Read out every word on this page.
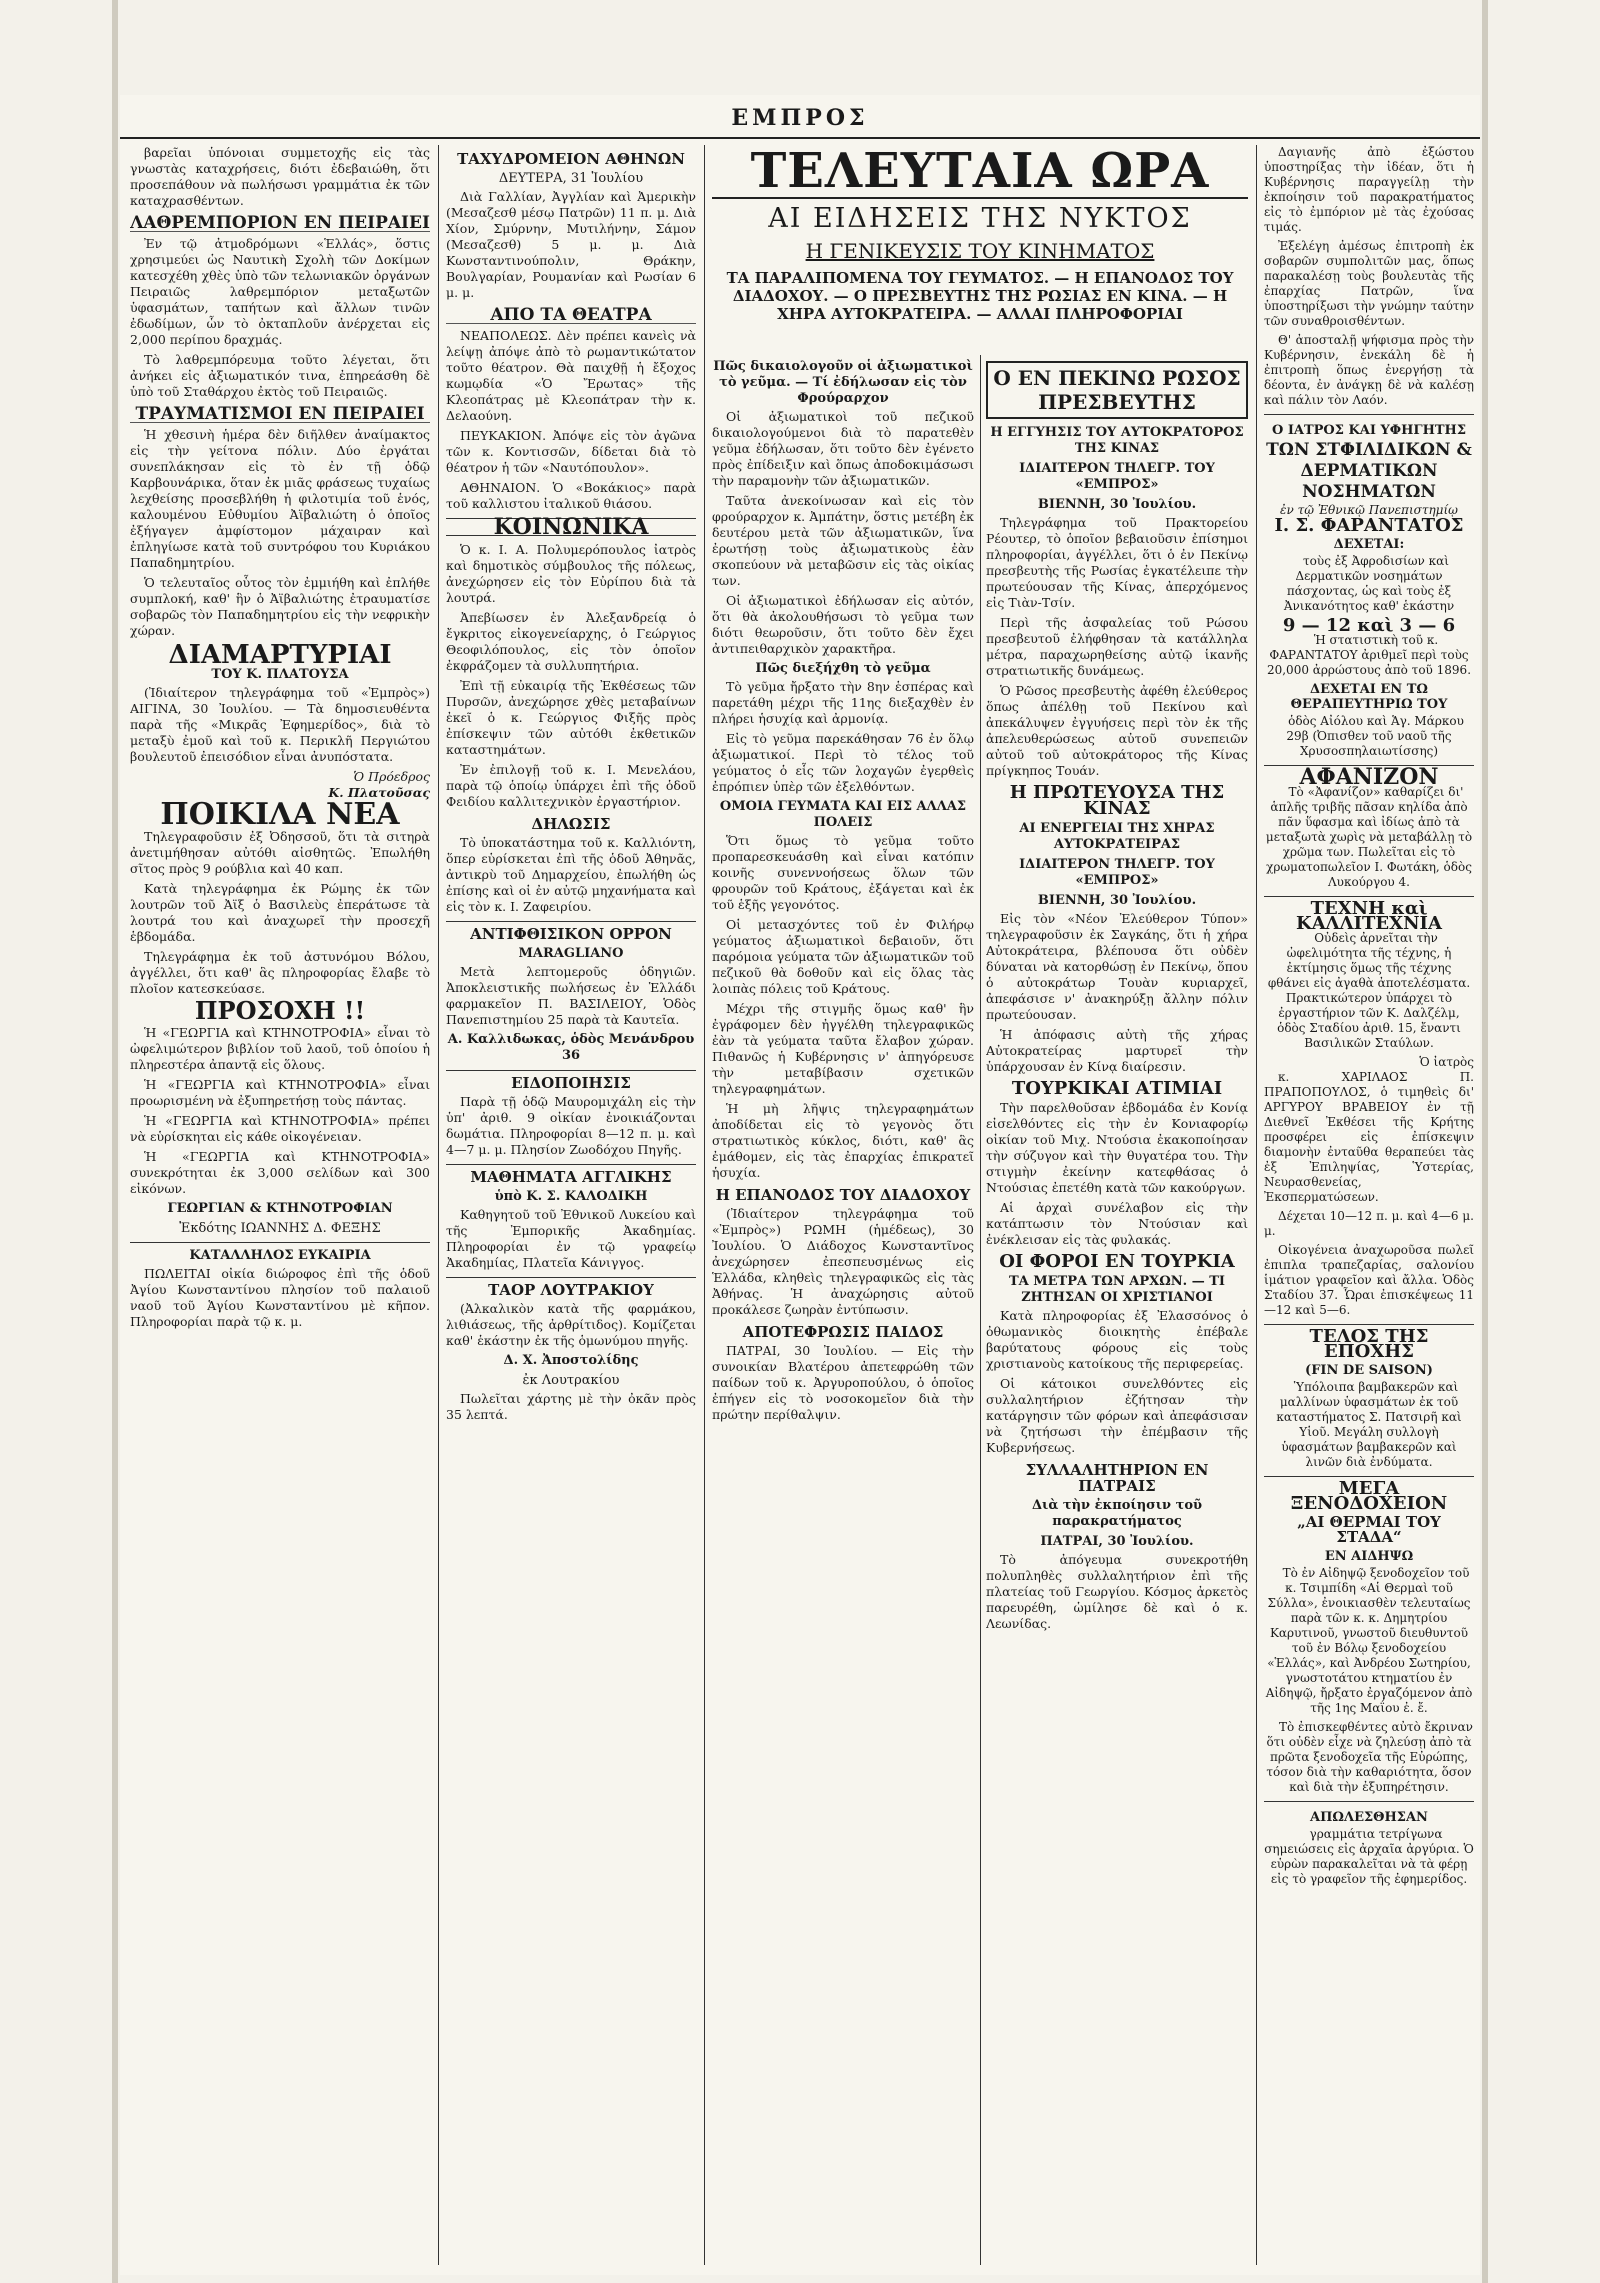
ΕΜΠΡΟΣ

βαρεῖαι ὑπόνοιαι συμμετοχῆς εἰς τὰς γνωστὰς καταχρήσεις, διότι ἐδεβαιώθη, ὅτι προσεπάθουν νὰ πωλήσωσι γραμμάτια ἐκ τῶν καταχρασθέντων.

ΛΑΘΡΕΜΠΟΡΙΟΝ ΕΝ ΠΕΙΡΑΙΕΙ

Ἐν τῷ ἀτμοδρόμωνι «Ἑλλάς», ὅστις χρησιμεύει ὡς Ναυτικὴ Σχολὴ τῶν Δοκίμων κατεσχέθη χθὲς ὑπὸ τῶν τελωνιακῶν ὀργάνων Πειραιῶς λαθρεμπόριον μεταξωτῶν ὑφασμάτων, ταπήτων καὶ ἄλλων τινῶν ἐδωδίμων, ὧν τὸ ὀκταπλοῦν ἀνέρχεται εἰς 2,000 περίπου δραχμάς.

Τὸ λαθρεμπόρευμα τοῦτο λέγεται, ὅτι ἀνήκει εἰς ἀξιωματικόν τινα, ἐπηρεάσθη δὲ ὑπὸ τοῦ Σταθάρχου ἐκτὸς τοῦ Πειραιῶς.

ΤΡΑΥΜΑΤΙΣΜΟΙ ΕΝ ΠΕΙΡΑΙΕΙ

Ἡ χθεσινὴ ἡμέρα δὲν διῆλθεν ἀναίμακτος εἰς τὴν γείτονα πόλιν. Δύο ἐργάται συνεπλάκησαν εἰς τὸ ἐν τῇ ὁδῷ Καρβουνάρικα, ὅταν ἐκ μιᾶς φράσεως τυχαίως λεχθείσης προσεβλήθη ἡ φιλοτιμία τοῦ ἑνός, καλουμένου Εὐθυμίου Ἀϊβαλιώτη ὁ ὁποῖος ἐξήγαγεν ἀμφίστομον μάχαιραν καὶ ἐπληγίωσε κατὰ τοῦ συντρόφου του Κυριάκου Παπαδημητρίου.

Ὁ τελευταῖος οὗτος τὸν ἐμμιήθη καὶ ἐπλήθε συμπλοκή, καθ' ἣν ὁ Ἀϊβαλιώτης ἐτραυματίσε σοβαρῶς τὸν Παπαδημητρίου εἰς τὴν νεφρικὴν χώραν.

ΔΙΑΜΑΡΤΥΡΙΑΙ
ΤΟΥ Κ. ΠΛΑΤΟΥΣΑ

(Ἰδιαίτερον τηλεγράφημα τοῦ «Ἐμπρὸς») ΑΙΓΙΝΑ, 30 Ἰουλίου. — Τὰ δημοσιευθέντα παρὰ τῆς «Μικρᾶς Ἐφημερίδος», διὰ τὸ μεταξὺ ἐμοῦ καὶ τοῦ κ. Περικλῆ Περγιώτου βουλευτοῦ ἐπεισόδιον εἶναι ἀνυπόστατα.

Ὁ Πρόεδρος
Κ. Πλατοῦσας
ΠΟΙΚΙΛΑ ΝΕΑ

Τηλεγραφοῦσιν ἐξ Ὀδησσοῦ, ὅτι τὰ σιτηρὰ ἀνετιμήθησαν αὐτόθι αἰσθητῶς. Ἐπωλήθη σῖτος πρὸς 9 ρούβλια καὶ 40 καπ.

Κατὰ τηλεγράφημα ἐκ Ρώμης ἐκ τῶν λουτρῶν τοῦ Ἀϊξ ὁ Βασιλεὺς ἐπεράτωσε τὰ λουτρά του καὶ ἀναχωρεῖ τὴν προσεχῆ ἑβδομάδα.

Τηλεγράφημα ἐκ τοῦ ἀστυνόμου Βόλου, ἀγγέλλει, ὅτι καθ' ἃς πληροφορίας ἔλαβε τὸ πλοῖον κατεσκεύασε.

ΠΡΟΣΟΧΗ !!

Ἡ «ΓΕΩΡΓΙΑ καὶ ΚΤΗΝΟΤΡΟΦΙΑ» εἶναι τὸ ὠφελιμώτερον βιβλίον τοῦ λαοῦ, τοῦ ὁποίου ἡ πληρεστέρα ἀπαντᾷ εἰς ὅλους.

Ἡ «ΓΕΩΡΓΙΑ καὶ ΚΤΗΝΟΤΡΟΦΙΑ» εἶναι προωρισμένη νὰ ἐξυπηρετήσῃ τοὺς πάντας.

Ἡ «ΓΕΩΡΓΙΑ καὶ ΚΤΗΝΟΤΡΟΦΙΑ» πρέπει νὰ εὑρίσκηται εἰς κάθε οἰκογένειαν.

Ἡ «ΓΕΩΡΓΙΑ καὶ ΚΤΗΝΟΤΡΟΦΙΑ» συνεκρότηται ἐκ 3,000 σελίδων καὶ 300 εἰκόνων.

ΓΕΩΡΓΙΑΝ & ΚΤΗΝΟΤΡΟΦΙΑΝ
Ἐκδότης ΙΩΑΝΝΗΣ Δ. ΦΕΞΗΣ
ΚΑΤΑΛΛΗΛΟΣ ΕΥΚΑΙΡΙΑ

ΠΩΛΕΙΤΑΙ οἰκία διώροφος ἐπὶ τῆς ὁδοῦ Ἀγίου Κωνσταντίνου πλησίον τοῦ παλαιοῦ ναοῦ τοῦ Ἁγίου Κωνσταντίνου μὲ κῆπον. Πληροφορίαι παρὰ τῷ κ. μ.

ΤΑΧΥΔΡΟΜΕΙΟΝ ΑΘΗΝΩΝ
ΔΕΥΤΕΡΑ, 31 Ἰουλίου

Διὰ Γαλλίαν, Ἀγγλίαν καὶ Ἀμερικὴν (Μεσαζεσθ μέσῳ Πατρῶν) 11 π. μ. Διὰ Χίον, Σμύρνην, Μυτιλήνην, Σάμον (Μεσαζεσθ) 5 μ. μ. Διὰ Κωνσταντινούπολιν, Θράκην, Βουλγαρίαν, Ρουμανίαν καὶ Ρωσίαν 6 μ. μ.

ΑΠΟ ΤΑ ΘΕΑΤΡΑ

ΝΕΑΠΟΛΕΩΣ. Δὲν πρέπει κανεὶς νὰ λείψῃ ἀπόψε ἀπὸ τὸ ρωμαντικώτατον τοῦτο θέατρον. Θὰ παιχθῇ ἡ ἔξοχος κωμῳδία «Ὁ Ἔρωτας» τῆς Κλεοπάτρας μὲ Κλεοπάτραν τὴν κ. Δελαούνη.

ΠΕΥΚΑΚΙΟΝ. Ἀπόψε εἰς τὸν ἀγῶνα τῶν κ. Κοντισσῶν, δίδεται διὰ τὸ θέατρον ἡ τῶν «Ναυτόπουλον».

ΑΘΗΝΑΙΟΝ. Ὁ «Βοκάκιος» παρὰ τοῦ καλλιστου ἰταλικοῦ θιάσου.

ΚΟΙΝΩΝΙΚΑ

Ὁ κ. Ι. Α. Πολυμερόπουλος ἰατρὸς καὶ δημοτικὸς σύμβουλος τῆς πόλεως, ἀνεχώρησεν εἰς τὸν Εὐρίπου διὰ τὰ λουτρά.

Ἀπεβίωσεν ἐν Ἀλεξανδρείᾳ ὁ ἔγκριτος εἰκογενείαρχης, ὁ Γεώργιος Θεοφιλόπουλος, εἰς τὸν ὁποῖον ἐκφράζομεν τὰ συλλυπητήρια.

Ἐπὶ τῇ εὐκαιρίᾳ τῆς Ἐκθέσεως τῶν Πυρσῶν, ἀνεχώρησε χθὲς μεταβαίνων ἐκεῖ ὁ κ. Γεώργιος Φιξῆς πρὸς ἐπίσκεψιν τῶν αὐτόθι ἐκθετικῶν καταστημάτων.

Ἐν ἐπιλογῇ τοῦ κ. Ι. Μενελάου, παρὰ τῷ ὁποίῳ ὑπάρχει ἐπὶ τῆς ὁδοῦ Φειδίου καλλιτεχνικὸν ἐργαστήριον.

ΔΗΛΩΣΙΣ

Τὸ ὑποκατάστημα τοῦ κ. Καλλιόντη, ὅπερ εὑρίσκεται ἐπὶ τῆς ὁδοῦ Ἀθηνᾶς, ἀντικρὺ τοῦ Δημαρχείου, ἐπωλήθη ὡς ἐπίσης καὶ οἱ ἐν αὐτῷ μηχανήματα καὶ εἰς τὸν κ. Ι. Ζαφειρίου.

ΑΝΤΙΦΘΙΣΙΚΟΝ ΟΡΡΟΝ
MARAGLIANO

Μετὰ λεπτομεροῦς ὁδηγιῶν. Ἀποκλειστικῆς πωλήσεως ἐν Ἑλλάδι φαρμακεῖον Π. ΒΑΣΙΛΕΙΟΥ, Ὁδὸς Πανεπιστημίου 25 παρὰ τὰ Καυτεῖα.

Α. Καλλιδωκας, ὁδὸς Μενάνδρου 36
ΕΙΔΟΠΟΙΗΣΙΣ

Παρὰ τῇ ὁδῷ Μαυρομιχάλη εἰς τὴν ὑπ' ἀριθ. 9 οἰκίαν ἐνοικιάζονται δωμάτια. Πληροφορίαι 8—12 π. μ. καὶ 4—7 μ. μ. Πλησίον Ζωοδόχου Πηγῆς.

ΜΑΘΗΜΑΤΑ ΑΓΓΛΙΚΗΣ
ὑπὸ Κ. Σ. ΚΑΛΟΔΙΚΗ

Καθηγητοῦ τοῦ Ἐθνικοῦ Λυκείου καὶ τῆς Ἐμπορικῆς Ἀκαδημίας. Πληροφορίαι ἐν τῷ γραφείῳ Ἀκαδημίας, Πλατεῖα Κάνιγγος.

ΤΑΟΡ ΛΟΥΤΡΑΚΙΟΥ

(Ἀλκαλικὸν κατὰ τῆς φαρμάκου, λιθιάσεως, τῆς ἀρθρίτιδος). Κομίζεται καθ' ἑκάστην ἐκ τῆς ὁμωνύμου πηγῆς.

Δ. Χ. Ἀποστολίδης
ἐκ Λουτρακίου

Πωλεῖται χάρτης μὲ τὴν ὀκᾶν πρὸς 35 λεπτά.

ΤΕΛΕΥΤΑΙΑ ΩΡΑ
ΑΙ ΕΙΔΗΣΕΙΣ ΤΗΣ ΝΥΚΤΟΣ
Η ΓΕΝΙΚΕΥΣΙΣ ΤΟΥ ΚΙΝΗΜΑΤΟΣ
ΤΑ ΠΑΡΑΛΙΠΟΜΕΝΑ ΤΟΥ ΓΕΥΜΑΤΟΣ. — Η ΕΠΑΝΟΔΟΣ ΤΟΥ ΔΙΑΔΟΧΟΥ. — Ο ΠΡΕΣΒΕΥΤΗΣ ΤΗΣ ΡΩΣΙΑΣ ΕΝ ΚΙΝΑ. — Η ΧΗΡΑ ΑΥΤΟΚΡΑΤΕΙΡΑ. — ΑΛΛΑΙ ΠΛΗΡΟΦΟΡΙΑΙ
Πῶς δικαιολογοῦν οἱ ἀξιωματικοὶ τὸ γεῦμα. — Τί ἐδήλωσαν εἰς τὸν Φρούραρχον

Οἱ ἀξιωματικοὶ τοῦ πεζικοῦ δικαιολογούμενοι διὰ τὸ παρατεθὲν γεῦμα ἐδήλωσαν, ὅτι τοῦτο δὲν ἐγένετο πρὸς ἐπίδειξιν καὶ ὅπως ἀποδοκιμάσωσι τὴν παραμονὴν τῶν ἀξιωματικῶν.

Ταῦτα ἀνεκοίνωσαν καὶ εἰς τὸν φρούραρχον κ. Ἀμπάτην, ὅστις μετέβη ἐκ δευτέρου μετὰ τῶν ἀξιωματικῶν, ἵνα ἐρωτήσῃ τοὺς ἀξιωματικοὺς ἐὰν σκοπεύουν νὰ μεταβῶσιν εἰς τὰς οἰκίας των.

Οἱ ἀξιωματικοὶ ἐδήλωσαν εἰς αὐτόν, ὅτι θὰ ἀκολουθήσωσι τὸ γεῦμα των διότι θεωροῦσιν, ὅτι τοῦτο δὲν ἔχει ἀντιπειθαρχικὸν χαρακτῆρα.

Πῶς διεξήχθη τὸ γεῦμα

Τὸ γεῦμα ἤρξατο τὴν 8ην ἑσπέρας καὶ παρετάθη μέχρι τῆς 11ης διεξαχθὲν ἐν πλήρει ἡσυχίᾳ καὶ ἀρμονίᾳ.

Εἰς τὸ γεῦμα παρεκάθησαν 76 ἐν ὅλῳ ἀξιωματικοί. Περὶ τὸ τέλος τοῦ γεύματος ὁ εἷς τῶν λοχαγῶν ἐγερθεὶς ἐπρόπιεν ὑπὲρ τῶν ἐξελθόντων.

ΟΜΟΙΑ ΓΕΥΜΑΤΑ ΚΑΙ ΕΙΣ ΑΛΛΑΣ ΠΟΛΕΙΣ

Ὅτι ὅμως τὸ γεῦμα τοῦτο προπαρεσκευάσθη καὶ εἶναι κατόπιν κοινῆς συνεννοήσεως ὅλων τῶν φρουρῶν τοῦ Κράτους, ἐξάγεται καὶ ἐκ τοῦ ἑξῆς γεγονότος.

Οἱ μετασχόντες τοῦ ἐν Φιλήρῳ γεύματος ἀξιωματικοὶ δεβαιοῦν, ὅτι παρόμοια γεύματα τῶν ἀξιωματικῶν τοῦ πεζικοῦ θὰ δοθοῦν καὶ εἰς ὅλας τὰς λοιπὰς πόλεις τοῦ Κράτους.

Μέχρι τῆς στιγμῆς ὅμως καθ' ἣν ἐγράφομεν δὲν ἠγγέλθη τηλεγραφικῶς ἐὰν τὰ γεύματα ταῦτα ἔλαβον χώραν. Πιθανῶς ἡ Κυβέρνησις ν' ἀπηγόρευσε τὴν μεταβίβασιν σχετικῶν τηλεγραφημάτων.

Ἡ μὴ λῆψις τηλεγραφημάτων ἀποδίδεται εἰς τὸ γεγονὸς ὅτι στρατιωτικὸς κύκλος, διότι, καθ' ἃς ἐμάθομεν, εἰς τὰς ἐπαρχίας ἐπικρατεῖ ἡσυχία.

Η ΕΠΑΝΟΔΟΣ ΤΟΥ ΔΙΑΔΟΧΟΥ

(Ἰδιαίτερον τηλεγράφημα τοῦ «Ἐμπρὸς») ΡΩΜΗ (ἡμέδεως), 30 Ἰουλίου. Ὁ Διάδοχος Κωνσταντῖνος ἀνεχώρησεν ἐπεσπευσμένως εἰς Ἑλλάδα, κληθεὶς τηλεγραφικῶς εἰς τὰς Ἀθήνας. Ἡ ἀναχώρησις αὐτοῦ προκάλεσε ζωηρὰν ἐντύπωσιν.

ΑΠΟΤΕΦΡΩΣΙΣ ΠΑΙΔΟΣ

ΠΑΤΡΑΙ, 30 Ἰουλίου. — Εἰς τὴν συνοικίαν Βλατέρου ἀπετεφρώθη τῶν παίδων τοῦ κ. Ἀργυροπούλου, ὁ ὁποῖος ἐπήγεν εἰς τὸ νοσοκομεῖον διὰ τὴν πρώτην περίθαλψιν.

Ο ΕΝ ΠΕΚΙΝΩ ΡΩΣΟΣ ΠΡΕΣΒΕΥΤΗΣ
Η ΕΓΓΥΗΣΙΣ ΤΟΥ ΑΥΤΟΚΡΑΤΟΡΟΣ ΤΗΣ ΚΙΝΑΣ
ΙΔΙΑΙΤΕΡΟΝ ΤΗΛΕΓΡ. ΤΟΥ «ΕΜΠΡΟΣ»
ΒΙΕΝΝΗ, 30 Ἰουλίου.

Τηλεγράφημα τοῦ Πρακτορείου Ρέουτερ, τὸ ὁποῖον βεβαιοῦσιν ἐπίσημοι πληροφορίαι, ἀγγέλλει, ὅτι ὁ ἐν Πεκίνῳ πρεσβευτὴς τῆς Ρωσίας ἐγκατέλειπε τὴν πρωτεύουσαν τῆς Κίνας, ἀπερχόμενος εἰς Τιὰν-Τσίν.

Περὶ τῆς ἀσφαλείας τοῦ Ρώσου πρεσβευτοῦ ἐλήφθησαν τὰ κατάλληλα μέτρα, παραχωρηθείσης αὐτῷ ἱκανῆς στρατιωτικῆς δυνάμεως.

Ὁ Ρῶσος πρεσβευτὴς ἀφέθη ἐλεύθερος ὅπως ἀπέλθῃ τοῦ Πεκίνου καὶ ἀπεκάλυψεν ἐγγυήσεις περὶ τὸν ἐκ τῆς ἀπελευθερώσεως αὐτοῦ συνεπειῶν αὐτοῦ τοῦ αὐτοκράτορος τῆς Κίνας πρίγκηπος Τουάν.

Η ΠΡΩΤΕΥΟΥΣΑ ΤΗΣ ΚΙΝΑΣ
ΑΙ ΕΝΕΡΓΕΙΑΙ ΤΗΣ ΧΗΡΑΣ ΑΥΤΟΚΡΑΤΕΙΡΑΣ
ΙΔΙΑΙΤΕΡΟΝ ΤΗΛΕΓΡ. ΤΟΥ «ΕΜΠΡΟΣ»
ΒΙΕΝΝΗ, 30 Ἰουλίου.

Εἰς τὸν «Νέον Ἐλεύθερον Τύπον» τηλεγραφοῦσιν ἐκ Σαγκάης, ὅτι ἡ χήρα Αὐτοκράτειρα, βλέπουσα ὅτι οὐδὲν δύναται νὰ κατορθώσῃ ἐν Πεκίνῳ, ὅπου ὁ αὐτοκράτωρ Τουὰν κυριαρχεῖ, ἀπεφάσισε ν' ἀνακηρύξῃ ἄλλην πόλιν πρωτεύουσαν.

Ἡ ἀπόφασις αὐτὴ τῆς χήρας Αὐτοκρατείρας μαρτυρεῖ τὴν ὑπάρχουσαν ἐν Κίνᾳ διαίρεσιν.

ΤΟΥΡΚΙΚΑΙ ΑΤΙΜΙΑΙ

Τὴν παρελθοῦσαν ἑβδομάδα ἐν Κονίᾳ εἰσελθόντες εἰς τὴν ἐν Κονιαφορίῳ οἰκίαν τοῦ Μιχ. Ντούσια ἐκακοποίησαν τὴν σύζυγον καὶ τὴν θυγατέρα του. Τὴν στιγμὴν ἐκείνην κατεφθάσας ὁ Ντούσιας ἐπετέθη κατὰ τῶν κακούργων.

Αἱ ἀρχαὶ συνέλαβον εἰς τὴν κατάπτωσιν τὸν Ντούσιαν καὶ ἐνέκλεισαν εἰς τὰς φυλακάς.

ΟΙ ΦΟΡΟΙ ΕΝ ΤΟΥΡΚΙΑ
ΤΑ ΜΕΤΡΑ ΤΩΝ ΑΡΧΩΝ. — ΤΙ ΖΗΤΗΣΑΝ ΟΙ ΧΡΙΣΤΙΑΝΟΙ

Κατὰ πληροφορίας ἐξ Ἐλασσόνος ὁ ὀθωμανικὸς διοικητὴς ἐπέβαλε βαρύτατους φόρους εἰς τοὺς χριστιανοὺς κατοίκους τῆς περιφερείας.

Οἱ κάτοικοι συνελθόντες εἰς συλλαλητήριον ἐζήτησαν τὴν κατάργησιν τῶν φόρων καὶ ἀπεφάσισαν νὰ ζητήσωσι τὴν ἐπέμβασιν τῆς Κυβερνήσεως.

ΣΥΛΛΑΛΗΤΗΡΙΟΝ ΕΝ ΠΑΤΡΑΙΣ
Διὰ τὴν ἐκποίησιν τοῦ παρακρατήματος
ΠΑΤΡΑΙ, 30 Ἰουλίου.

Τὸ ἀπόγευμα συνεκροτήθη πολυπληθὲς συλλαλητήριον ἐπὶ τῆς πλατείας τοῦ Γεωργίου. Κόσμος ἀρκετὸς παρευρέθη, ὡμίλησε δὲ καὶ ὁ κ. Λεωνίδας.

Δαγιανῆς ἀπὸ ἐξώστου ὑποστηρίξας τὴν ἰδέαν, ὅτι ἡ Κυβέρνησις παραγγείλῃ τὴν ἐκποίησιν τοῦ παρακρατήματος εἰς τὸ ἐμπόριον μὲ τὰς ἐχούσας τιμάς.

Ἐξελέγη ἀμέσως ἐπιτροπὴ ἐκ σοβαρῶν συμπολιτῶν μας, ὅπως παρακαλέσῃ τοὺς βουλευτὰς τῆς ἐπαρχίας Πατρῶν, ἵνα ὑποστηρίξωσι τὴν γνώμην ταύτην τῶν συναθροισθέντων.

Θ' ἀποσταλῇ ψήφισμα πρὸς τὴν Κυβέρνησιν, ἐνεκάλη δὲ ἡ ἐπιτροπὴ ὅπως ἐνεργήσῃ τὰ δέοντα, ἐν ἀνάγκῃ δὲ νὰ καλέσῃ καὶ πάλιν τὸν Λαόν.

Ο ΙΑΤΡΟΣ ΚΑΙ ΥΦΗΓΗΤΗΣ
ΤΩΝ ΣΤΦΙΛΙΔΙΚΩΝ & ΔΕΡΜΑΤΙΚΩΝ ΝΟΣΗΜΑΤΩΝ
ἐν τῷ Ἐθνικῷ Πανεπιστημίῳ
Ι. Σ. ΦΑΡΑΝΤΑΤΟΣ
ΔΕΧΕΤΑΙ:

τοὺς ἐξ Ἀφροδισίων καὶ Δερματικῶν νοσημάτων πάσχοντας, ὡς καὶ τοὺς ἐξ Ἀνικανότητος καθ' ἑκάστην

9 — 12 καὶ 3 — 6

Ἡ στατιστικὴ τοῦ κ. ΦΑΡΑΝΤΑΤΟΥ ἀριθμεῖ περὶ τοὺς 20,000 ἀρρώστους ἀπὸ τοῦ 1896.

ΔΕΧΕΤΑΙ ΕΝ ΤΩ ΘΕΡΑΠΕΥΤΗΡΙΩ ΤΟΥ

ὁδὸς Αἰόλου καὶ Ἁγ. Μάρκου 29β (Ὀπισθεν τοῦ ναοῦ τῆς Χρυσοσπηλαιωτίσσης)

ΑΦΑΝΙΖΟΝ

Τὸ «Ἀφανίζον» καθαρίζει δι' ἁπλῆς τριβῆς πᾶσαν κηλίδα ἀπὸ πᾶν ὕφασμα καὶ ἰδίως ἀπὸ τὰ μεταξωτὰ χωρὶς νὰ μεταβάλλῃ τὸ χρῶμα των. Πωλεῖται εἰς τὸ χρωματοπωλεῖον Ι. Φωτάκη, ὁδὸς Λυκούργου 4.

ΤΕΧΝΗ καὶ ΚΑΛΛΙΤΕΧΝΙΑ

Οὐδεὶς ἀρνεῖται τὴν ὠφελιμότητα τῆς τέχνης, ἡ ἐκτίμησις ὅμως τῆς τέχνης φθάνει εἰς ἀγαθὰ ἀποτελέσματα. Πρακτικώτερον ὑπάρχει τὸ ἐργαστήριον τῶν Κ. Δαλζέλμ, ὁδὸς Σταδίου ἀριθ. 15, ἔναντι Βασιλικῶν Σταύλων.

Ὁ ἰατρὸς

κ. ΧΑΡΙΛΑΟΣ Π. ΠΡΑΠΟΠΟΥΛΟΣ, ὁ τιμηθεὶς δι' ΑΡΓΥΡΟΥ ΒΡΑΒΕΙΟΥ ἐν τῇ Διεθνεῖ Ἐκθέσει τῆς Κρήτης προσφέρει εἰς ἐπίσκεψιν διαμονὴν ἐνταῦθα θεραπεύει τὰς ἐξ Ἐπιληψίας, Ὑστερίας, Νευρασθενείας, Ἐκσπερματώσεων.

Δέχεται 10—12 π. μ. καὶ 4—6 μ. μ.

Οἰκογένεια ἀναχωροῦσα πωλεῖ ἐπιπλα τραπεζαρίας, σαλονίου ἱμάτιον γραφεῖον καὶ ἄλλα. Ὁδὸς Σταδίου 37. Ὧραι ἐπισκέψεως 11—12 καὶ 5—6.

ΤΕΛΟΣ ΤΗΣ ΕΠΟΧΗΣ
(FIN DE SAISON)

Ὑπόλοιπα βαμβακερῶν καὶ μαλλίνων ὑφασμάτων ἐκ τοῦ καταστήματος Σ. Πατσιρῆ καὶ Υἱοῦ. Μεγάλη συλλογὴ ὑφασμάτων βαμβακερῶν καὶ λινῶν διὰ ἐνδύματα.

ΜΕΓΑ ΞΕΝΟΔΟΧΕΙΟΝ
„ΑΙ ΘΕΡΜΑΙ ΤΟΥ ΣΤΑΔΑ“
ΕΝ ΑΙΔΗΨΩ

Τὸ ἐν Αἰδηψῷ ξενοδοχεῖον τοῦ κ. Τσιμπίδη «Αἱ Θερμαὶ τοῦ Σύλλα», ἐνοικιασθὲν τελευταίως παρὰ τῶν κ. κ. Δημητρίου Καρυτινοῦ, γνωστοῦ διευθυντοῦ τοῦ ἐν Βόλῳ ξενοδοχείου «Ἑλλάς», καὶ Ἀνδρέου Σωτηρίου, γνωστοτάτου κτηματίου ἐν Αἰδηψῷ, ἤρξατο ἐργαζόμενον ἀπὸ τῆς 1ης Μαΐου ἐ. ἔ.

Τὸ ἐπισκεφθέντες αὐτὸ ἔκριναν ὅτι οὐδὲν εἶχε νὰ ζηλεύσῃ ἀπὸ τὰ πρῶτα ξενοδοχεῖα τῆς Εὐρώπης, τόσον διὰ τὴν καθαριότητα, ὅσον καὶ διὰ τὴν ἐξυπηρέτησιν.

ΑΠΩΛΕΣΘΗΣΑΝ

γραμμάτια τετρίγωνα σημειώσεις εἰς ἀρχαῖα ἀργύρια. Ὁ εὑρὼν παρακαλεῖται νὰ τὰ φέρῃ εἰς τὸ γραφεῖον τῆς ἐφημερίδος.
